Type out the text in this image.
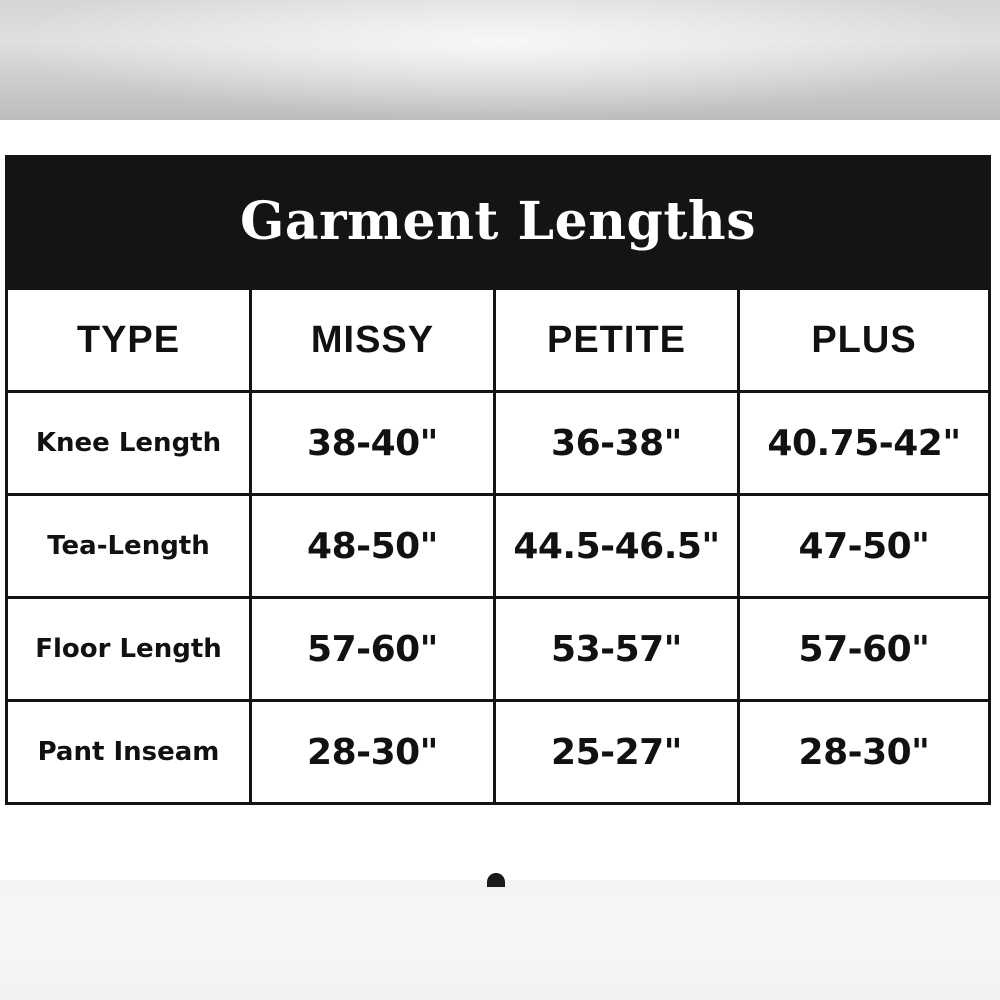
Garment Lengths
TYPE	MISSY	PETITE	PLUS
Knee Length	38-40"	36-38"	40.75-42"
Tea-Length	48-50"	44.5-46.5"	47-50"
Floor Length	57-60"	53-57"	57-60"
Pant Inseam	28-30"	25-27"	28-30"
